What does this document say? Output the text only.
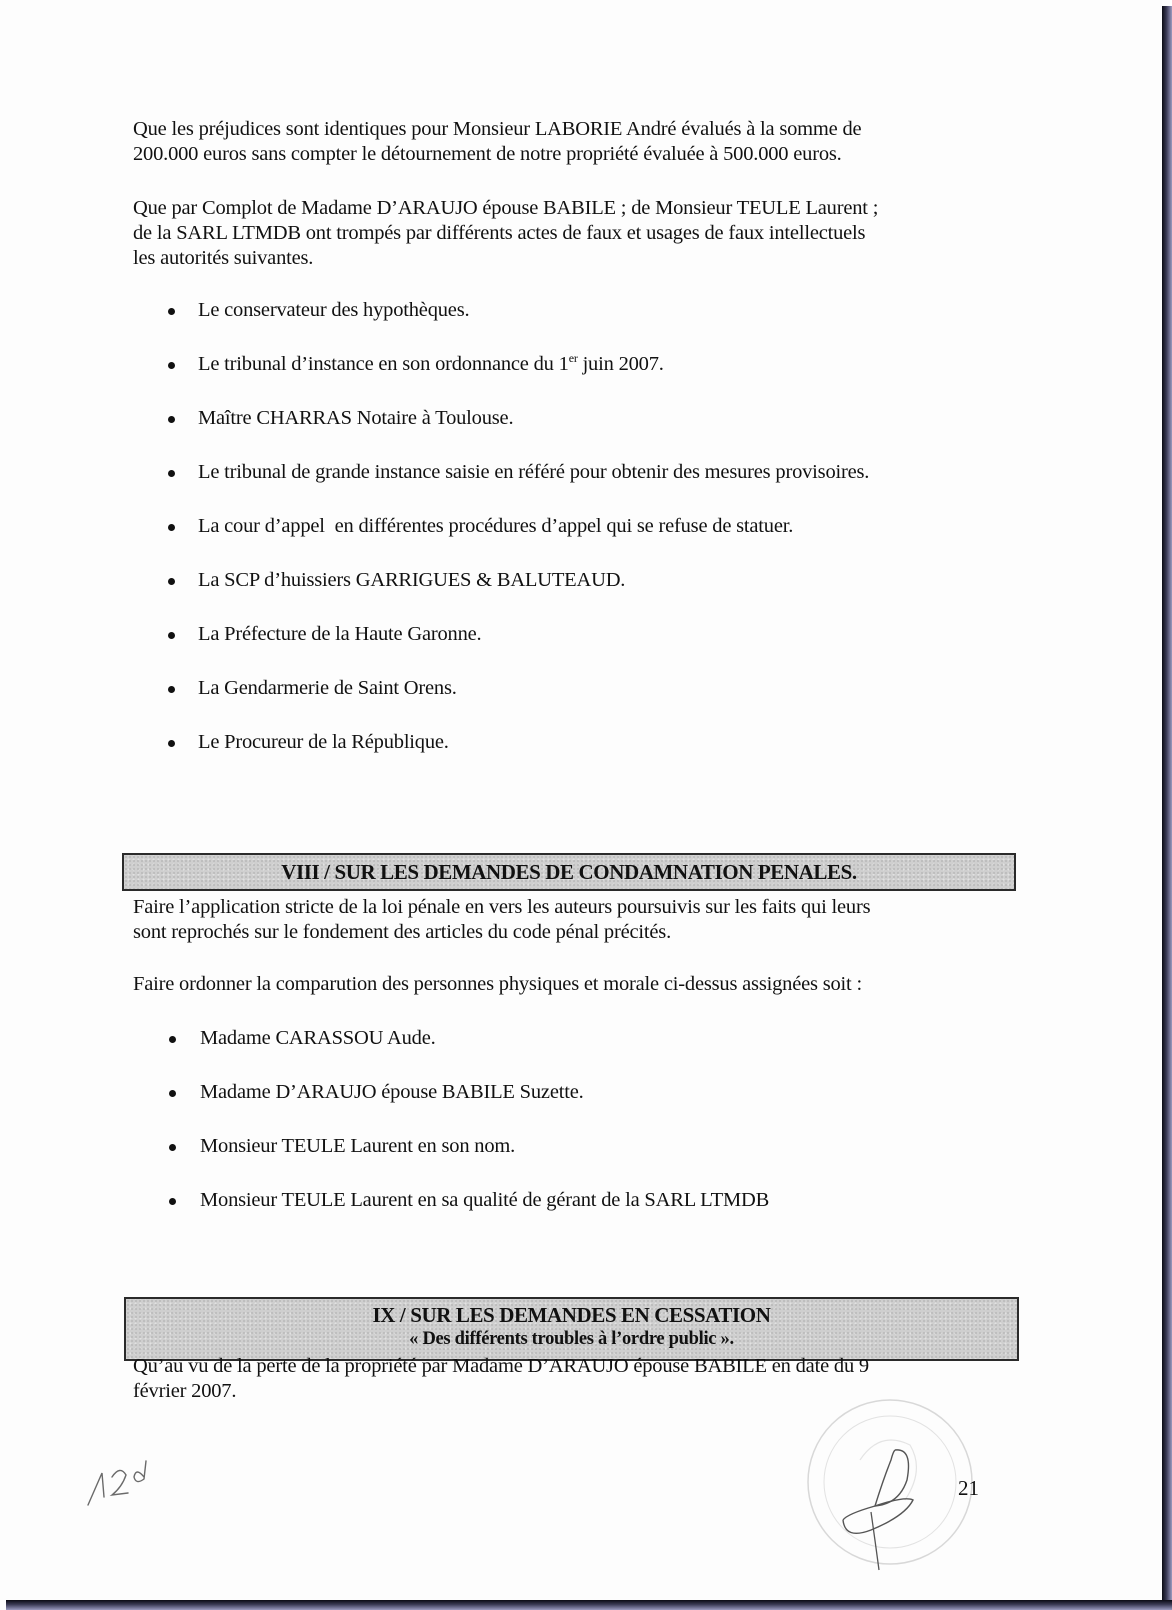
Que les préjudices sont identiques pour Monsieur LABORIE André évalués à la somme de
200.000 euros sans compter le détournement de notre propriété évaluée à 500.000 euros.
Que par Complot de Madame D’ARAUJO épouse BABILE ; de Monsieur TEULE Laurent ;
de la SARL LTMDB ont trompés par différents actes de faux et usages de faux intellectuels
les autorités suivantes.
Le conservateur des hypothèques.
Le tribunal d’instance en son ordonnance du 1er juin 2007.
Maître CHARRAS Notaire à Toulouse.
Le tribunal de grande instance saisie en référé pour obtenir des mesures provisoires.
La cour d’appel  en différentes procédures d’appel qui se refuse de statuer.
La SCP d’huissiers GARRIGUES & BALUTEAUD.
La Préfecture de la Haute Garonne.
La Gendarmerie de Saint Orens.
Le Procureur de la République.
VIII / SUR LES DEMANDES DE CONDAMNATION PENALES.
Faire l’application stricte de la loi pénale en vers les auteurs poursuivis sur les faits qui leurs
sont reprochés sur le fondement des articles du code pénal précités.
Faire ordonner la comparution des personnes physiques et morale ci-dessus assignées soit :
Madame CARASSOU Aude.
Madame D’ARAUJO épouse BABILE Suzette.
Monsieur TEULE Laurent en son nom.
Monsieur TEULE Laurent en sa qualité de gérant de la SARL LTMDB
IX / SUR LES DEMANDES EN CESSATION
« Des différents troubles à l’ordre public ».
Qu’au vu de la perte de la propriété par Madame D’ARAUJO épouse BABILE en date du 9
février 2007.
21
